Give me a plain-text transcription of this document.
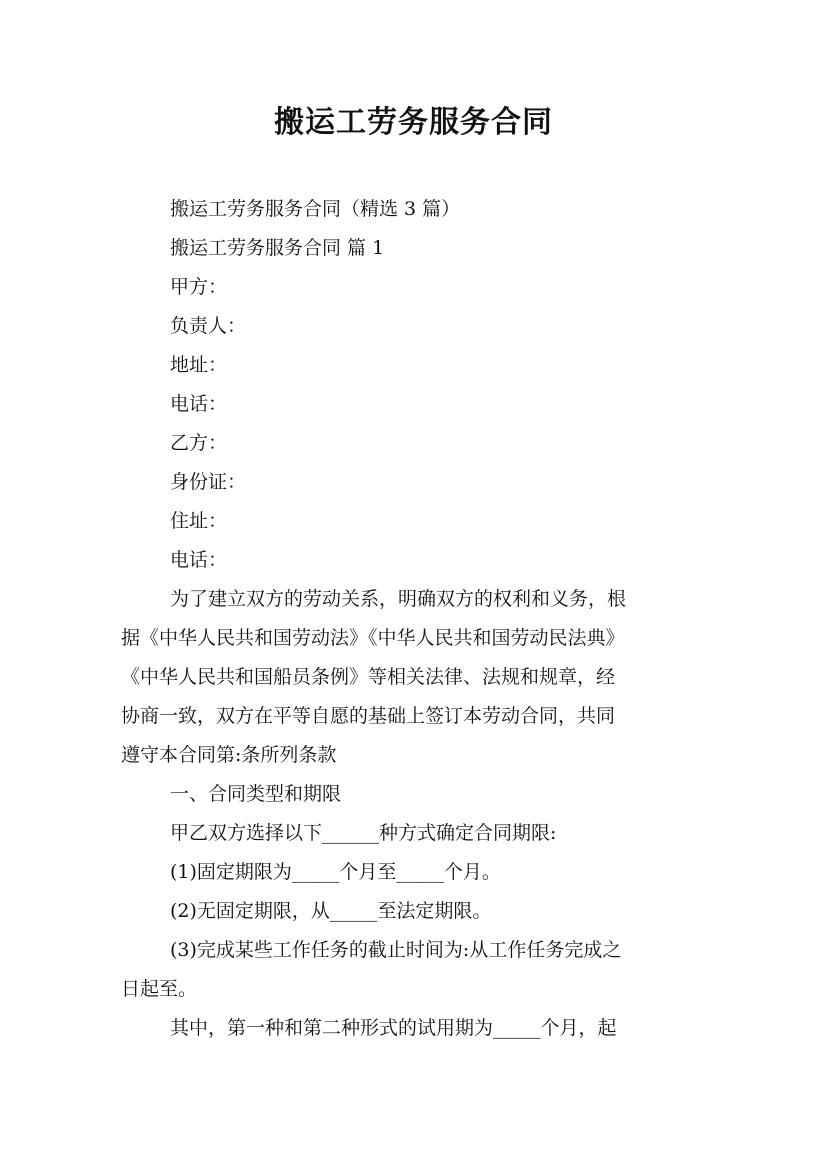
搬运工劳务服务合同
搬运工劳务服务合同（精选 3 篇）
搬运工劳务服务合同 篇 1
甲方：
负责人：
地址：
电话：
乙方：
身份证：
住址：
电话：
为了建立双方的劳动关系，明确双方的权利和义务，根
据《中华人民共和国劳动法》《中华人民共和国劳动民法典》
《中华人民共和国船员条例》等相关法律、法规和规章，经
协商一致，双方在平等自愿的基础上签订本劳动合同，共同
遵守本合同第:条所列条款
一、合同类型和期限
甲乙双方选择以下______种方式确定合同期限:
(1)固定期限为_____个月至_____个月。
(2)无固定期限，从_____至法定期限。
(3)完成某些工作任务的截止时间为:从工作任务完成之
日起至。
其中，第一种和第二种形式的试用期为_____个月，起
